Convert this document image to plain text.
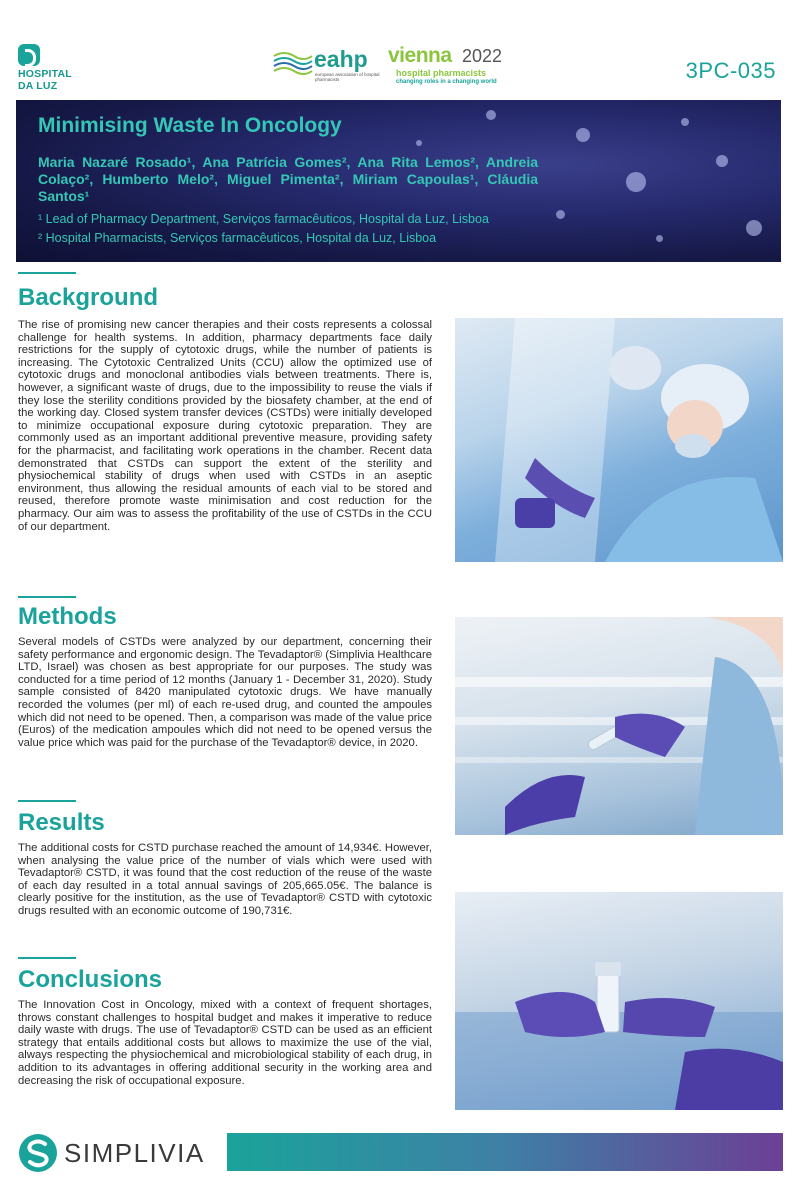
HOSPITAL
DA LUZ
eahp
european association of hospital pharmacists
vienna 2022
hospital pharmacists
changing roles in a changing world	3PC-035
Minimising Waste In Oncology
Maria Nazaré Rosado¹, Ana Patrícia Gomes², Ana Rita Lemos², Andreia Colaço², Humberto Melo², Miguel Pimenta², Miriam Capoulas¹, Cláudia Santos¹
¹ Lead of Pharmacy Department, Serviços farmacêuticos, Hospital da Luz, Lisboa
² Hospital Pharmacists, Serviços farmacêuticos, Hospital da Luz, Lisboa
Background
The rise of promising new cancer therapies and their costs represents a colossal challenge for health systems. In addition, pharmacy departments face daily restrictions for the supply of cytotoxic drugs, while the number of patients is increasing. The Cytotoxic Centralized Units (CCU) allow the optimized use of cytotoxic drugs and monoclonal antibodies vials between treatments. There is, however, a significant waste of drugs, due to the impossibility to reuse the vials if they lose the sterility conditions provided by the biosafety chamber, at the end of the working day. Closed system transfer devices (CSTDs) were initially developed to minimize occupational exposure during cytotoxic preparation. They are commonly used as an important additional preventive measure, providing safety for the pharmacist, and facilitating work operations in the chamber. Recent data demonstrated that CSTDs can support the extent of the sterility and physiochemical stability of drugs when used with CSTDs in an aseptic environment, thus allowing the residual amounts of each vial to be stored and reused, therefore promote waste minimisation and cost reduction for the pharmacy. Our aim was to assess the profitability of the use of CSTDs in the CCU of our department.
Methods
Several models of CSTDs were analyzed by our department, concerning their safety performance and ergonomic design. The Tevadaptor® (Simplivia Healthcare LTD, Israel) was chosen as best appropriate for our purposes. The study was conducted for a time period of 12 months (January 1 - December 31, 2020). Study sample consisted of 8420 manipulated cytotoxic drugs. We have manually recorded the volumes (per ml) of each re-used drug, and counted the ampoules which did not need to be opened. Then, a comparison was made of the value price (Euros) of the medication ampoules which did not need to be opened versus the value price which was paid for the purchase of the Tevadaptor® device, in 2020.
Results
The additional costs for CSTD purchase reached the amount of 14,934€. However, when analysing the value price of the number of vials which were used with Tevadaptor® CSTD, it was found that the cost reduction of the reuse of the waste of each day resulted in a total annual savings of 205,665.05€. The balance is clearly positive for the institution, as the use of Tevadaptor® CSTD with cytotoxic drugs resulted with an economic outcome of 190,731€.
Conclusions
The Innovation Cost in Oncology, mixed with a context of frequent shortages, throws constant challenges to hospital budget and makes it imperative to reduce daily waste with drugs. The use of Tevadaptor® CSTD can be used as an efficient strategy that entails additional costs but allows to maximize the use of the vial, always respecting the physiochemical and microbiological stability of each drug, in addition to its advantages in offering additional security in the working area and decreasing the risk of occupational exposure.
SIMPLIVIA
